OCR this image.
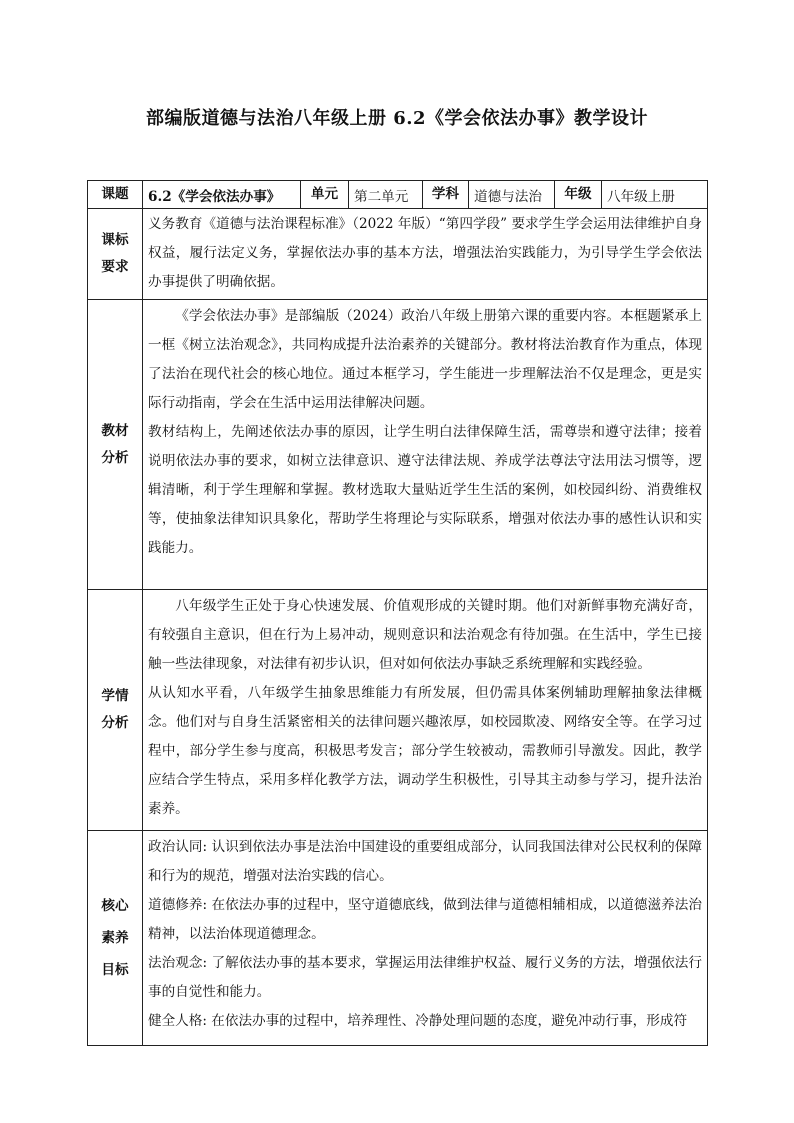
部编版道德与法治八年级上册 6.2《学会依法办事》教学设计
课题	6.2《学会依法办事》	单元	第二单元	学科	道德与法治	年级	八年级上册

课标要求	义务教育《道德与法治课程标准》（2022 年版）“第四学段” 要求学生学会运用法律维护自身权益，履行法定义务，掌握依法办事的基本方法，增强法治实践能力，为引导学生学会依法办事提供了明确依据。						

教材分析	《学会依法办事》是部编版（2024）政治八年级上册第六课的重要内容。本框题紧承上一框《树立法治观念》，共同构成提升法治素养的关键部分。教材将法治教育作为重点，体现了法治在现代社会的核心地位。通过本框学习，学生能进一步理解法治不仅是理念，更是实际行动指南，学会在生活中运用法律解决问题。

教材结构上，先阐述依法办事的原因，让学生明白法律保障生活，需尊崇和遵守法律；接着说明依法办事的要求，如树立法律意识、遵守法律法规、养成学法尊法守法用法习惯等，逻辑清晰，利于学生理解和掌握。教材选取大量贴近学生生活的案例，如校园纠纷、消费维权等，使抽象法律知识具象化，帮助学生将理论与实际联系，增强对依法办事的感性认识和实践能力。						

学情分析	八年级学生正处于身心快速发展、价值观形成的关键时期。他们对新鲜事物充满好奇，有较强自主意识，但在行为上易冲动，规则意识和法治观念有待加强。在生活中，学生已接触一些法律现象，对法律有初步认识，但对如何依法办事缺乏系统理解和实践经验。

从认知水平看，八年级学生抽象思维能力有所发展，但仍需具体案例辅助理解抽象法律概念。他们对与自身生活紧密相关的法律问题兴趣浓厚，如校园欺凌、网络安全等。在学习过程中，部分学生参与度高，积极思考发言；部分学生较被动，需教师引导激发。因此，教学应结合学生特点，采用多样化教学方法，调动学生积极性，引导其主动参与学习，提升法治素养。						

核心素养目标	政治认同: 认识到依法办事是法治中国建设的重要组成部分，认同我国法律对公民权利的保障和行为的规范，增强对法治实践的信心。

道德修养: 在依法办事的过程中，坚守道德底线，做到法律与道德相辅相成，以道德滋养法治精神，以法治体现道德理念。

法治观念: 了解依法办事的基本要求，掌握运用法律维护权益、履行义务的方法，增强依法行事的自觉性和能力。

健全人格: 在依法办事的过程中，培养理性、冷静处理问题的态度，避免冲动行事，形成符						
